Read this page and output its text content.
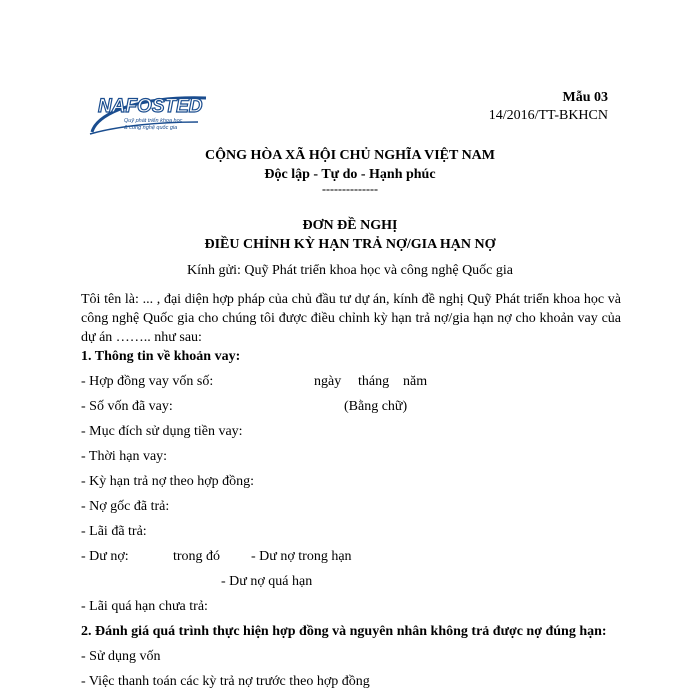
NAFOSTED
Quỹ phát triển khoa học
& công nghệ quốc gia
Mẫu 03
14/2016/TT-BKHCN
CỘNG HÒA XÃ HỘI CHỦ NGHĨA VIỆT NAM
Độc lập - Tự do - Hạnh phúc
--------------
ĐƠN ĐỀ NGHỊ
ĐIỀU CHỈNH KỲ HẠN TRẢ NỢ/GIA HẠN NỢ
Kính gửi: Quỹ Phát triển khoa học và công nghệ Quốc gia
Tôi tên là: ... , đại diện hợp pháp của chủ đầu tư dự án, kính đề nghị Quỹ Phát triển khoa học và công nghệ Quốc gia cho chúng tôi được điều chỉnh kỳ hạn trả nợ/gia hạn nợ cho khoản vay của dự án …….. như sau:
1. Thông tin về khoản vay:
- Hợp đồng vay vốn số:	ngày tháng năm
- Số vốn đã vay:	(Bằng chữ)
- Mục đích sử dụng tiền vay:
- Thời hạn vay:
- Kỳ hạn trả nợ theo hợp đồng:
- Nợ gốc đã trả:
- Lãi đã trả:
- Dư nợ:	trong đó - Dư nợ trong hạn
- Dư nợ quá hạn
- Lãi quá hạn chưa trả:
2. Đánh giá quá trình thực hiện hợp đồng và nguyên nhân không trả được nợ đúng hạn:
- Sử dụng vốn
- Việc thanh toán các kỳ trả nợ trước theo hợp đồng
